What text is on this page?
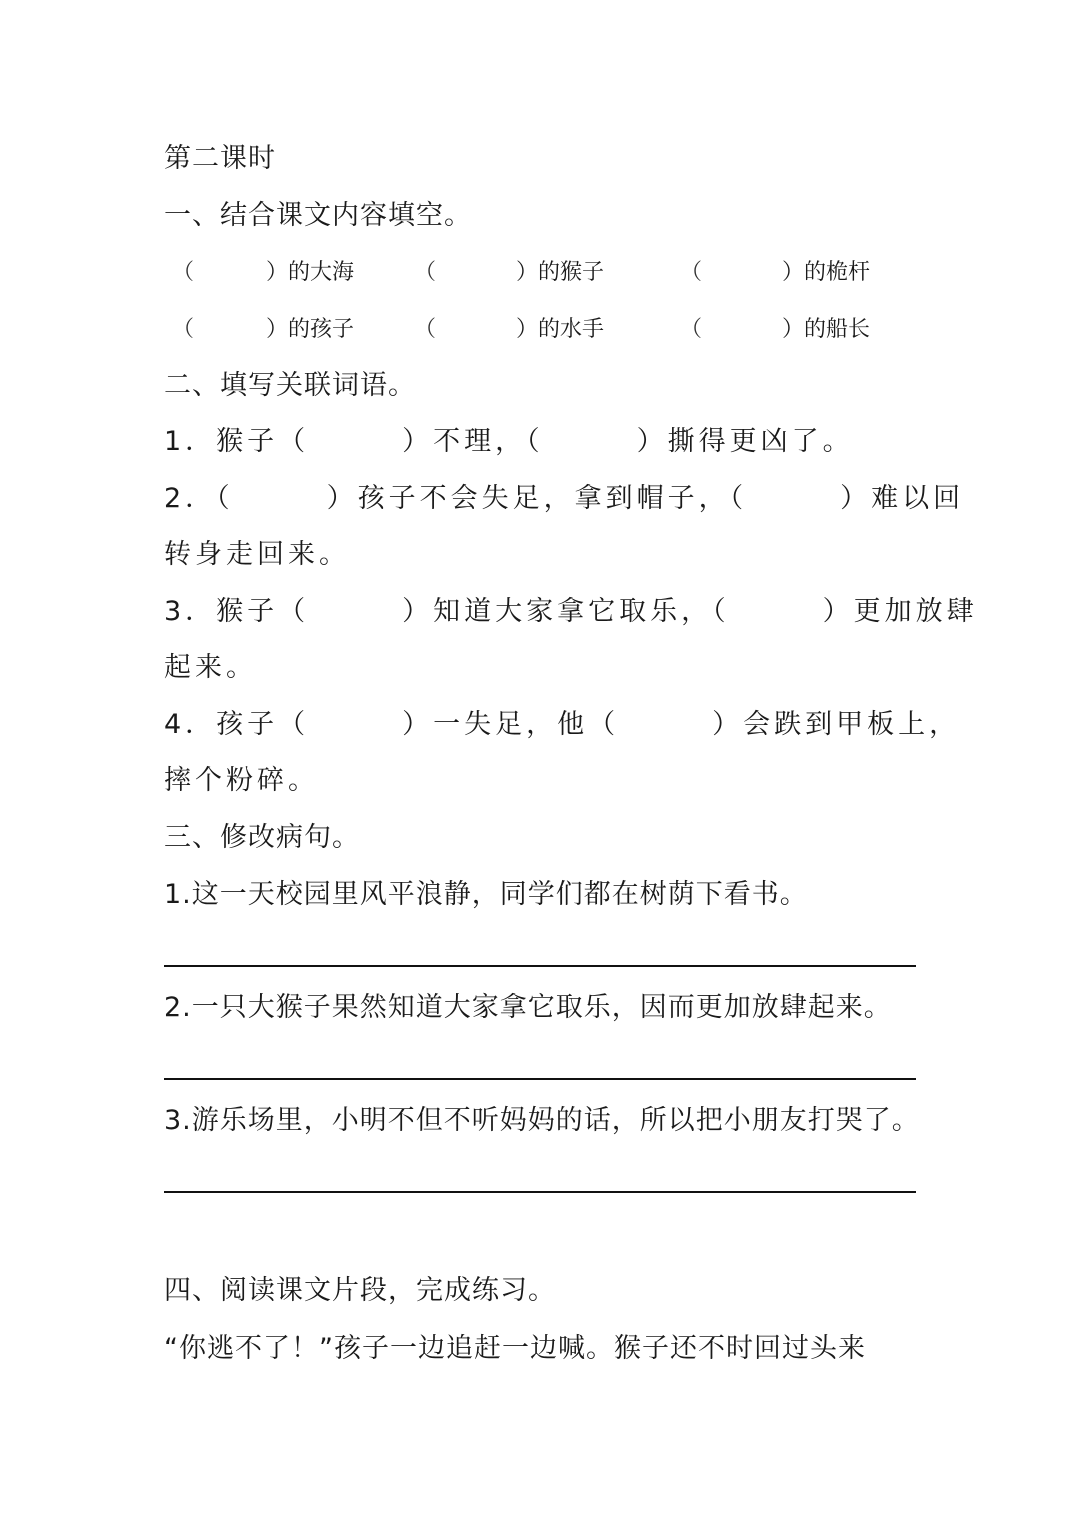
第二课时
一、结合课文内容填空。
（	）的大海	（	）的猴子	（	）的桅杆
（	）的孩子	（	）的水手	（	）的船长
二、填写关联词语。
1．猴子（　　　）不理，（　　　）撕得更凶了。
2．（　　　）孩子不会失足，拿到帽子，（　　　）难以回
转身走回来。
3．猴子（　　　）知道大家拿它取乐，（　　　）更加放肆
起来。
4．孩子（　　　）一失足，他（　　　）会跌到甲板上，
摔个粉碎。
三、修改病句。
1.这一天校园里风平浪静，同学们都在树荫下看书。
2.一只大猴子果然知道大家拿它取乐，因而更加放肆起来。
3.游乐场里，小明不但不听妈妈的话，所以把小朋友打哭了。
四、阅读课文片段，完成练习。
“你逃不了！”孩子一边追赶一边喊。猴子还不时回过头来
